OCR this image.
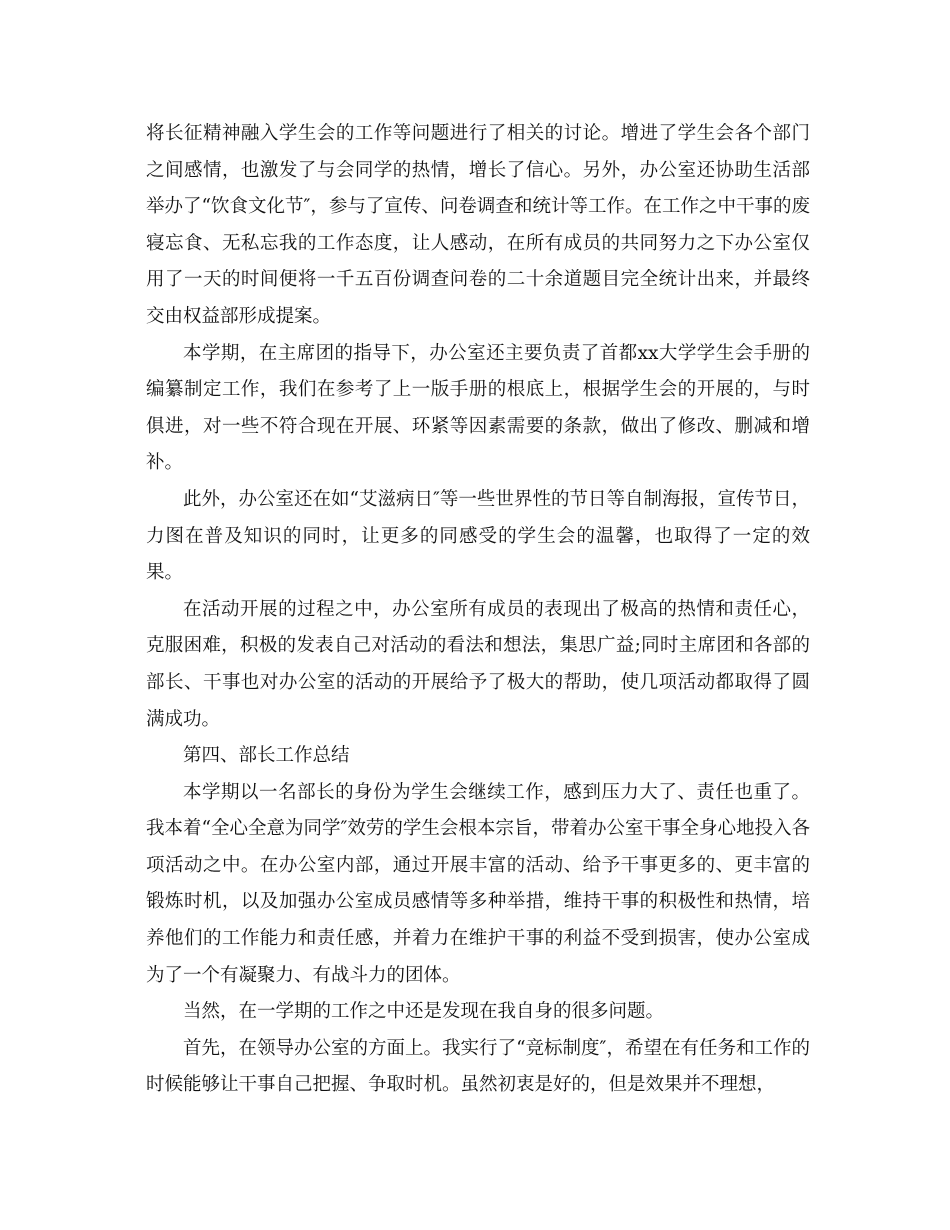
将长征精神融入学生会的工作等问题进行了相关的讨论。增进了学生会各个部门之间感情，也激发了与会同学的热情，增长了信心。另外，办公室还协助生活部举办了“饮食文化节″，参与了宣传、问卷调查和统计等工作。在工作之中干事的废寝忘食、无私忘我的工作态度，让人感动，在所有成员的共同努力之下办公室仅用了一天的时间便将一千五百份调查问卷的二十余道题目完全统计出来，并最终交由权益部形成提案。

本学期，在主席团的指导下，办公室还主要负责了首都xx大学学生会手册的编纂制定工作，我们在参考了上一版手册的根底上，根据学生会的开展的，与时俱进，对一些不符合现在开展、环紧等因素需要的条款，做出了修改、删减和增补。

此外，办公室还在如“艾滋病日″等一些世界性的节日等自制海报，宣传节日，力图在普及知识的同时，让更多的同感受的学生会的温馨，也取得了一定的效果。

在活动开展的过程之中，办公室所有成员的表现出了极高的热情和责任心，克服困难，积极的发表自己对活动的看法和想法，集思广益;同时主席团和各部的部长、干事也对办公室的活动的开展给予了极大的帮助，使几项活动都取得了圆满成功。

第四、部长工作总结

本学期以一名部长的身份为学生会继续工作，感到压力大了、责任也重了。我本着“全心全意为同学″效劳的学生会根本宗旨，带着办公室干事全身心地投入各项活动之中。在办公室内部，通过开展丰富的活动、给予干事更多的、更丰富的锻炼时机，以及加强办公室成员感情等多种举措，维持干事的积极性和热情，培养他们的工作能力和责任感，并着力在维护干事的利益不受到损害，使办公室成为了一个有凝聚力、有战斗力的团体。

当然，在一学期的工作之中还是发现在我自身的很多问题。

首先，在领导办公室的方面上。我实行了“竞标制度″，希望在有任务和工作的时候能够让干事自己把握、争取时机。虽然初衷是好的，但是效果并不理想，
